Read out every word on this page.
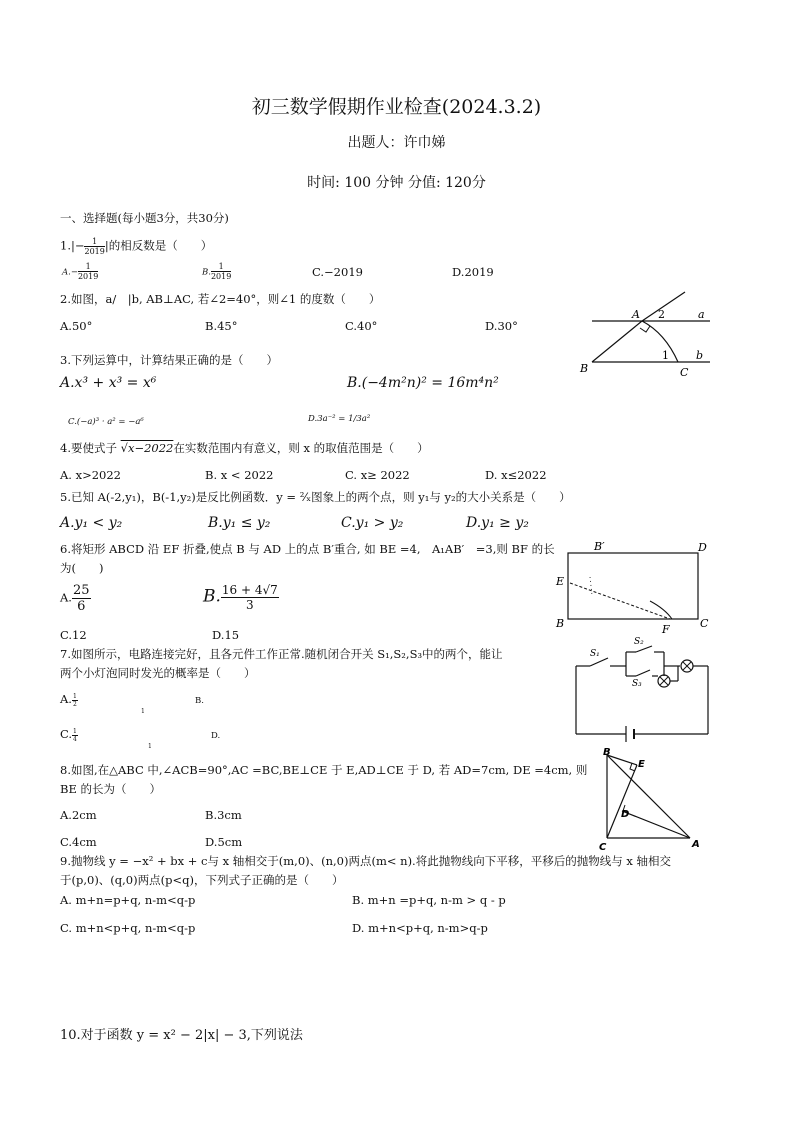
初三数学假期作业检查(2024.3.2)
出题人：许巾娣
时间: 100 分钟 分值: 120分
一、选择题(每小题3分，共30分)
$1.|- \frac{1}{2019}$ |的相反数是（　　）
$A.- \frac{1}{2019}$	B. $\frac{1}{2019}$	C.−2019	D.2019
2.如图，a/　|b, AB⊥AC, 若∠2=40°，则∠1 的度数（　　）
A.50°	B.45°	C.40°	D.30°
A 2	a
1 b
B	C
3.下列运算中，计算结果正确的是（　　）
A.x³ + x³ = x⁶	B.(−4m²n)² = 16m⁴n²
C.(−a)³ · a² = −a⁶	D.3a⁻² = 1/3a²
4.要使式子 √x−2022在实数范围内有意义，则 x 的取值范围是（　　）
A. x>2022	B. x < 2022	C. x≥ 2022	D. x≤2022
5.已知 A(-2,y₁)，B(-1,y₂)是反比例函数．y = ²⁄ₓ图象上的两个点，则 y₁与 y₂的大小关系是（　　）
A.y₁ < y₂	B.y₁ ≤ y₂	C.y₁ > y₂	D.y₁ ≥ y₂
6.将矩形 ABCD 沿 EF 折叠,使点 B 与 AD 上的点 B′重合, 如 BE =4,　A₁AB′　=3,则 BF 的长
为(　　)
A. $\frac{25}{6}$	B. $\frac{16 + 4√7}{3}$
C.12	D.15
B′	D
E
B	F	C
7.如图所示，电路连接完好，且各元件工作正常.随机闭合开关 S₁,S₂,S₃中的两个，能让
两个小灯泡同时发光的概率是（　　）
A. $\frac{1}{2}$	B.
1
C. $\frac{1}{4}$	D.
1
S₁
S₂
S₃
8.如图,在△ABC 中,∠ACB=90°,AC =BC,BE⊥CE 于 E,AD⊥CE 于 D, 若 AD=7cm, DE =4cm, 则
BE 的长为（　　）
A.2cm	B.3cm
C.4cm	D.5cm
B
E
D
C	A
9.抛物线 y = −x² + bx + c与 x 轴相交于(m,0)、(n,0)两点(m< n).将此抛物线向下平移，平移后的抛物线与 x 轴相交
于(p,0)、(q,0)两点(p<q)，下列式子正确的是（　　）
A. m+n=p+q, n-m<q-p	B. m+n =p+q, n-m > q - p
C. m+n<p+q, n-m<q-p	D. m+n<p+q, n-m>q-p
10.对于函数 y = x² − 2|x| − 3,下列说法
